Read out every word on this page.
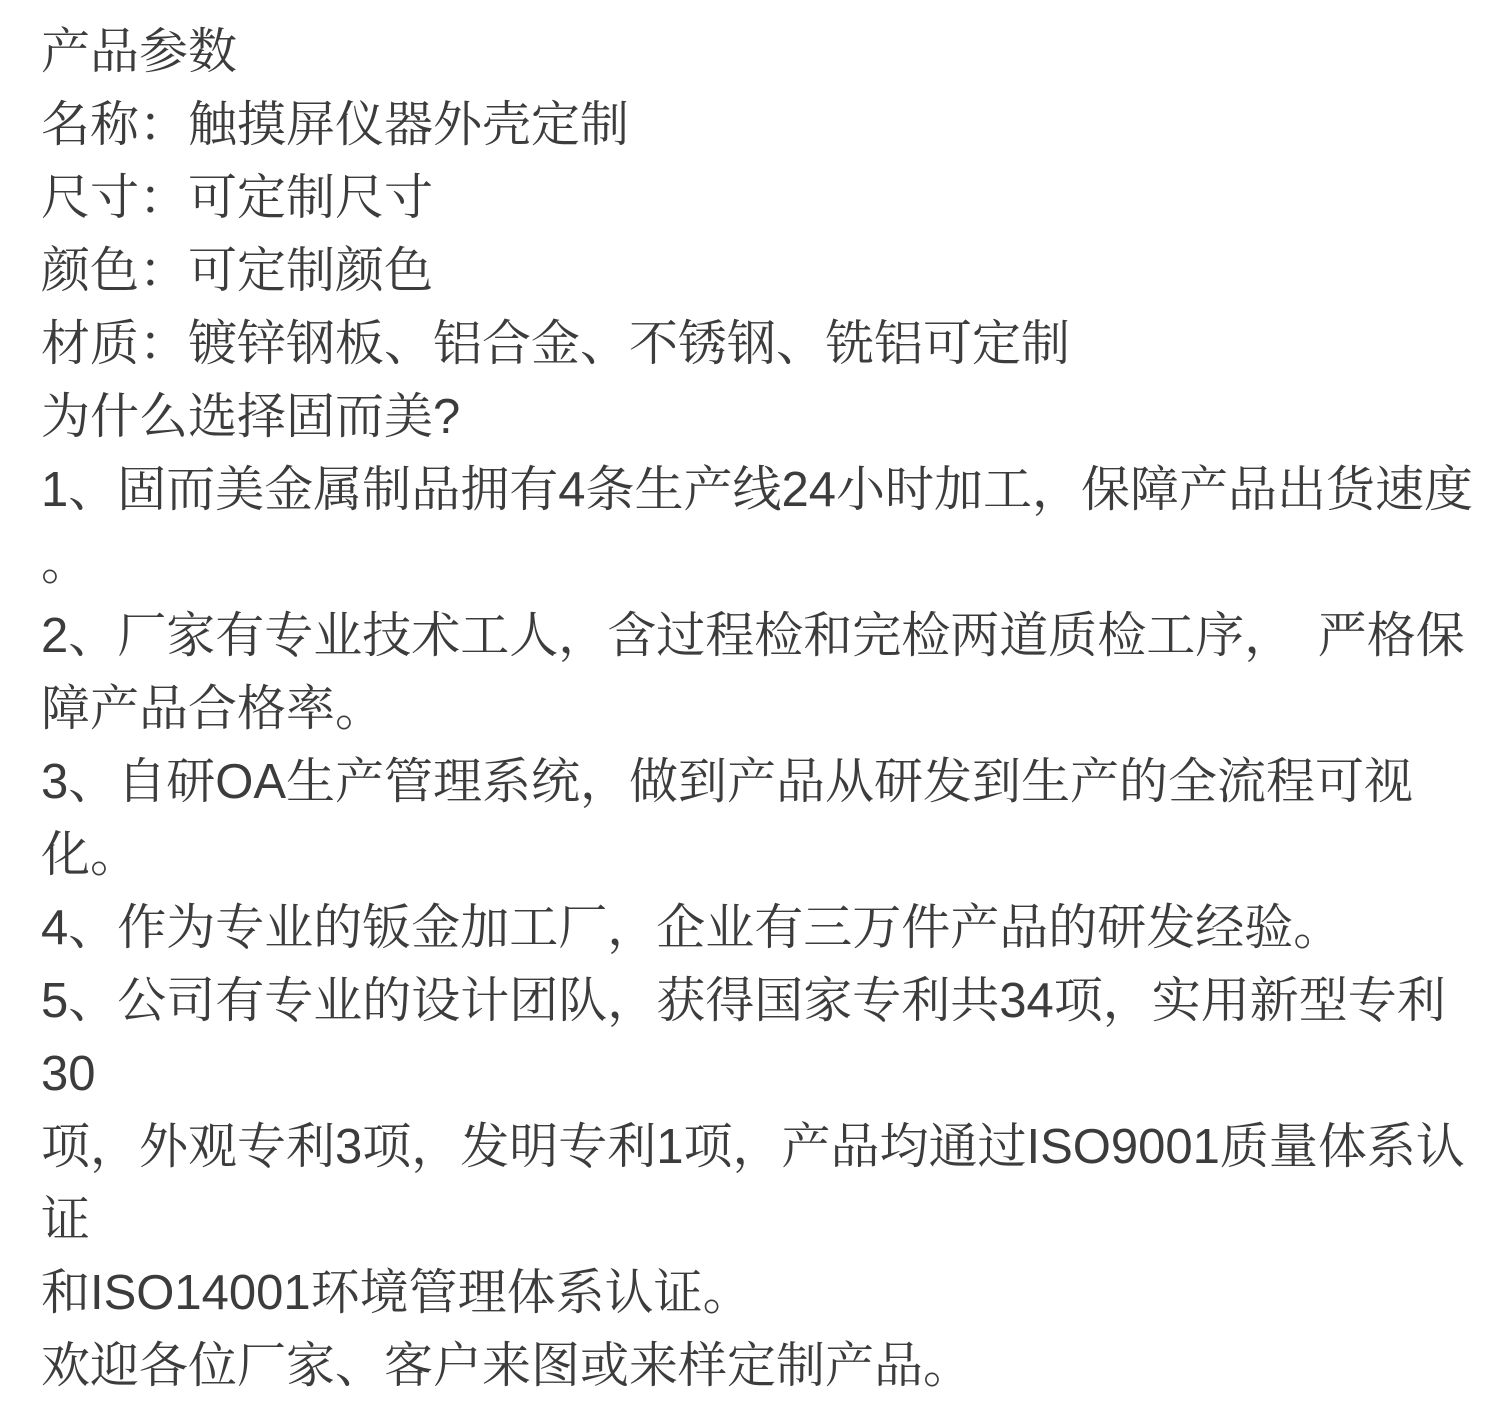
产品参数
名称：触摸屏仪器外壳定制
尺寸：可定制尺寸
颜色：可定制颜色
材质：镀锌钢板、铝合金、不锈钢、铣铝可定制
为什么选择固而美?
1、固而美金属制品拥有4条生产线24小时加工，保障产品出货速度
。
2、厂家有专业技术工人，含过程检和完检两道质检工序，　严格保
障产品合格率。
3、自研OA生产管理系统，做到产品从研发到生产的全流程可视化。
4、作为专业的钣金加工厂，企业有三万件产品的研发经验。
5、公司有专业的设计团队，获得国家专利共34项，实用新型专利30
项，外观专利3项，发明专利1项，产品均通过ISO9001质量体系认证
和ISO14001环境管理体系认证。
欢迎各位厂家、客户来图或来样定制产品。
